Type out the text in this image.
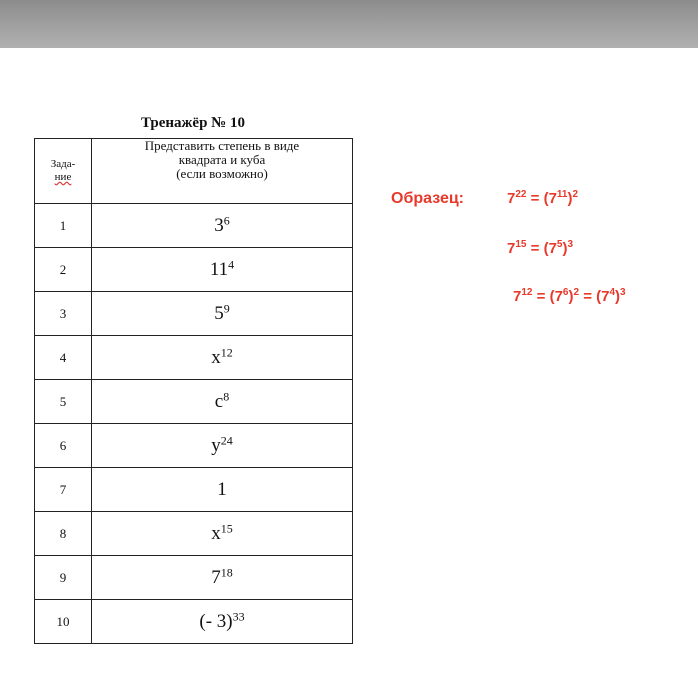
Тренажёр № 10
Зада-
ние	Представить степень в виде
квадрата и куба
(если возможно)
1	$3^6$
2	$11^4$
3	$5^9$
4	$x^{12}$
5	$c^8$
6	$y^{24}$
7	1
8	$x^{15}$
9	$7^{18}$
10	(- 3)$^{33}$
Образец:	$7^{22} = (7^{11})^2$
$7^{15} = (7^5)^3$
$7^{12} = (7^6)^2 = (7^4)^3$
